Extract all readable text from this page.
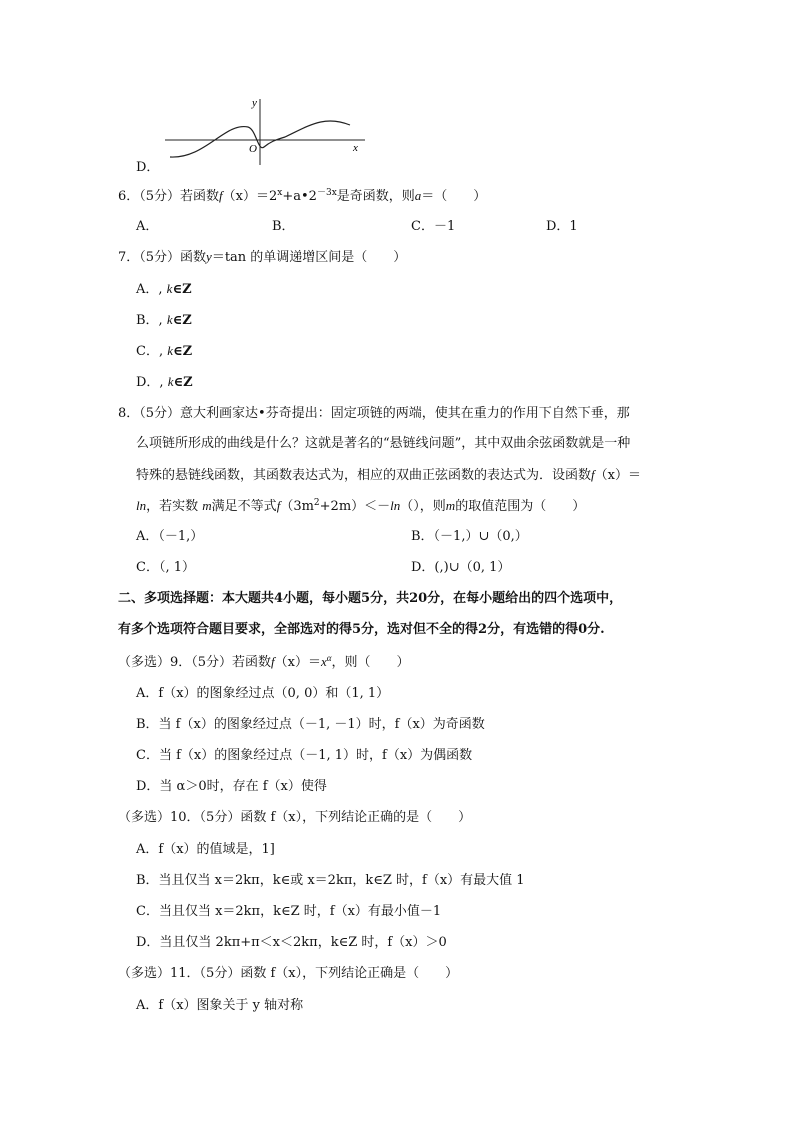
y
x
O
D．
6．（5分）若函数$f(x)=2^x+a•2^{-3x}$是奇函数，则a＝（　　）
A．	B．	C．－1	D．1
7．（5分）函数y＝tan 的单调递增区间是（　　）
A．, k∈Z
B．, k∈Z
C．, k∈Z
D．, k∈Z
8．（5分）意大利画家达•芬奇提出：固定项链的两端，使其在重力的作用下自然下垂，那
么项链所形成的曲线是什么？这就是著名的“悬链线问题”，其中双曲余弦函数就是一种
特殊的悬链线函数，其函数表达式为，相应的双曲正弦函数的表达式为．设函数f（x）＝
ln，若实数 m满足不等式$f(3m^2+2m)<-\ln()$，则m的取值范围为（　　）
A．（－1,）	B．（－1,）∪（0,）
C．（, 1）	D．(,)∪（0, 1）
二、多项选择题：本大题共4小题，每小题5分，共20分，在每小题给出的四个选项中，
有多个选项符合题目要求，全部选对的得5分，选对但不全的得2分，有选错的得0分.
（多选）9．（5分）若函数$f(x)=x^\alpha$，则（　　）
A．f（x）的图象经过点（0, 0）和（1, 1）
B．当 f（x）的图象经过点（－1, －1）时，f（x）为奇函数
C．当 f（x）的图象经过点（－1, 1）时，f（x）为偶函数
D．当 α＞0时，存在 f（x）使得
（多选）10．（5分）函数 f（x），下列结论正确的是（　　）
A．f（x）的值域是，1]
B．当且仅当 x＝2kπ，k∈或 x＝2kπ，k∈Z 时，f（x）有最大值 1
C．当且仅当 x＝2kπ，k∈Z 时，f（x）有最小值－1
D．当且仅当 2kπ+π＜x＜2kπ，k∈Z 时，f（x）＞0
（多选）11．（5分）函数 f（x），下列结论正确是（　　）
A．f（x）图象关于 y 轴对称
